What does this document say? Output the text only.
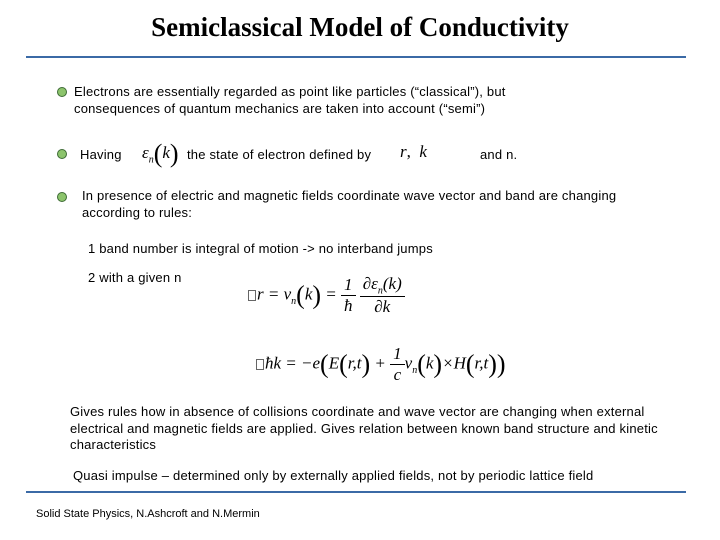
Semiclassical Model of Conductivity
Electrons are essentially regarded as point like particles (“classical”), but consequences of quantum mechanics are taken into account (“semi”)
Having $\varepsilon_n(k)$ the state of electron defined by r,  k	and n.
In presence of electric and magnetic fields coordinate wave vector and band are changing according to rules:
1 band number is integral of motion -> no interband jumps
2 with a given n
$r = v_n(k) = \frac{1}{ħ}$
$\frac{\partial\varepsilon_n(k)}{\partial k}$
ħk = $-e(E(r,t) + \frac{1}{c} v_n(k)\times H(r,t))$
Gives rules how in absence of collisions coordinate and wave vector are changing when external electrical and magnetic fields are applied. Gives relation between known band structure and kinetic characteristics
Quasi impulse – determined only by externally applied fields, not by periodic lattice field
Solid State Physics, N.Ashcroft and N.Mermin
